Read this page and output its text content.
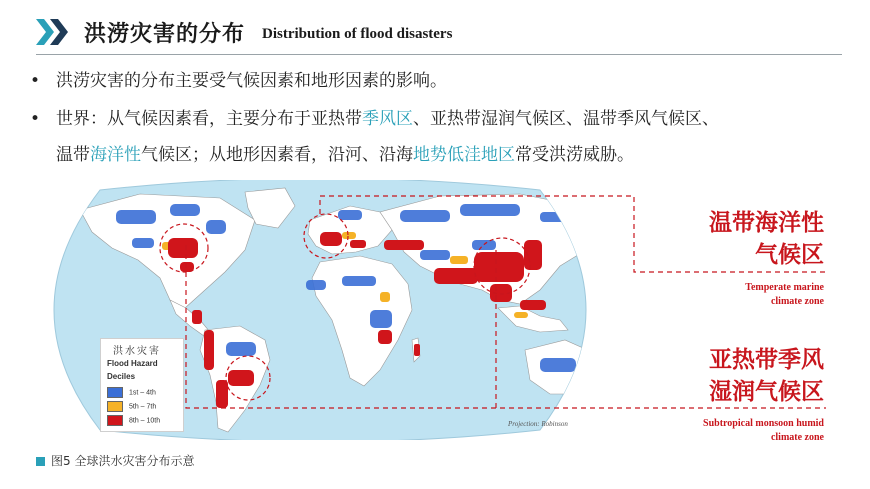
洪涝灾害的分布 Distribution of flood disasters
• 洪涝灾害的分布主要受气候因素和地形因素的影响。
• 世界：从气候因素看，主要分布于亚热带季风区、亚热带湿润气候区、温带季风气候区、
温带海洋性气候区；从地形因素看，沿河、沿海地势低洼地区常受洪涝威胁。
洪水灾害
Flood Hazard
Deciles
1st – 4th
5th – 7th
8th – 10th	Projection: Robinson
温带海洋性
气候区
Temperate marine
climate zone
亚热带季风
湿润气候区
Subtropical monsoon humid
climate zone
图5 全球洪水灾害分布示意
